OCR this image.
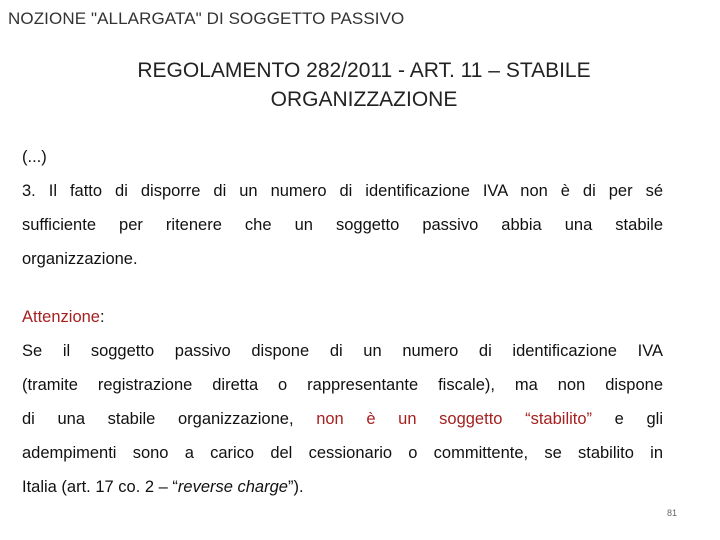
NOZIONE "ALLARGATA" DI SOGGETTO PASSIVO
REGOLAMENTO 282/2011 - ART. 11 – STABILE
ORGANIZZAZIONE

(...)
3. Il fatto di disporre di un numero di identificazione IVA non è di per sé
sufficiente per ritenere che un soggetto passivo abbia una stabile
organizzazione.

Attenzione:
Se il soggetto passivo dispone di un numero di identificazione IVA
(tramite registrazione diretta o rappresentante fiscale), ma non dispone
di una stabile organizzazione, non è un soggetto “stabilito” e gli
adempimenti sono a carico del cessionario o committente, se stabilito in
Italia (art. 17 co. 2 – “reverse charge”).

81
